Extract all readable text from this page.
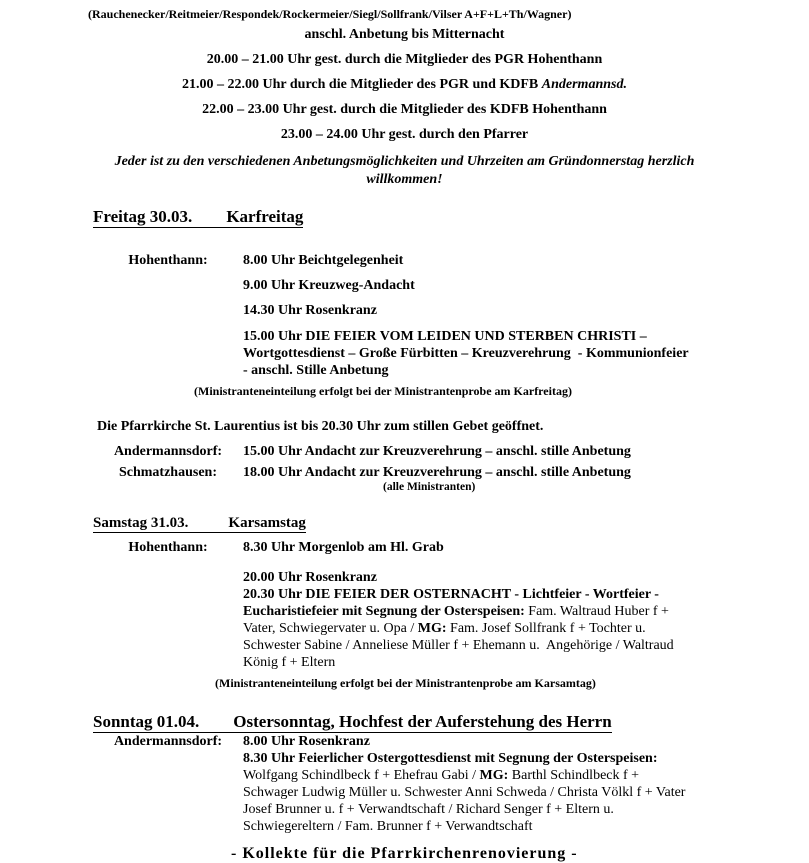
(Rauchenecker/Reitmeier/Respondek/Rockermeier/Siegl/Sollfrank/Vilser A+F+L+Th/Wagner)
anschl. Anbetung bis Mitternacht
20.00 – 21.00 Uhr gest. durch die Mitglieder des PGR Hohenthann
21.00 – 22.00 Uhr durch die Mitglieder des PGR und KDFB Andermannsd.
22.00 – 23.00 Uhr gest. durch die Mitglieder des KDFB Hohenthann
23.00 – 24.00 Uhr gest. durch den Pfarrer
Jeder ist zu den verschiedenen Anbetungsmöglichkeiten und Uhrzeiten am Gründonnerstag herzlich
willkommen!
Freitag 30.03. Karfreitag
Hohenthann:	8.00 Uhr Beichtgelegenheit
9.00 Uhr Kreuzweg-Andacht
14.30 Uhr Rosenkranz
15.00 Uhr DIE FEIER VOM LEIDEN UND STERBEN CHRISTI –
Wortgottesdienst – Große Fürbitten – Kreuzverehrung  - Kommunionfeier
- anschl. Stille Anbetung
(Ministranteneinteilung erfolgt bei der Ministrantenprobe am Karfreitag)
Die Pfarrkirche St. Laurentius ist bis 20.30 Uhr zum stillen Gebet geöffnet.
Andermannsdorf:	15.00 Uhr Andacht zur Kreuzverehrung – anschl. stille Anbetung
Schmatzhausen:	18.00 Uhr Andacht zur Kreuzverehrung – anschl. stille Anbetung
(alle Ministranten)
Samstag 31.03.	Karsamstag
Hohenthann:	8.30 Uhr Morgenlob am Hl. Grab
20.00 Uhr Rosenkranz
20.30 Uhr DIE FEIER DER OSTERNACHT - Lichtfeier - Wortfeier -
Eucharistiefeier mit Segnung der Osterspeisen: Fam. Waltraud Huber f +
Vater, Schwiegervater u. Opa / MG: Fam. Josef Sollfrank f + Tochter u.
Schwester Sabine / Anneliese Müller f + Ehemann u.  Angehörige / Waltraud
König f + Eltern
(Ministranteneinteilung erfolgt bei der Ministrantenprobe am Karsamtag)
Sonntag 01.04. Ostersonntag, Hochfest der Auferstehung des Herrn
Andermannsdorf:	8.00 Uhr Rosenkranz
8.30 Uhr Feierlicher Ostergottesdienst mit Segnung der Osterspeisen:
Wolfgang Schindlbeck f + Ehefrau Gabi / MG: Barthl Schindlbeck f +
Schwager Ludwig Müller u. Schwester Anni Schweda / Christa Völkl f + Vater
Josef Brunner u. f + Verwandtschaft / Richard Senger f + Eltern u.
Schwiegereltern / Fam. Brunner f + Verwandtschaft
- Kollekte für die Pfarrkirchenrenovierung -
